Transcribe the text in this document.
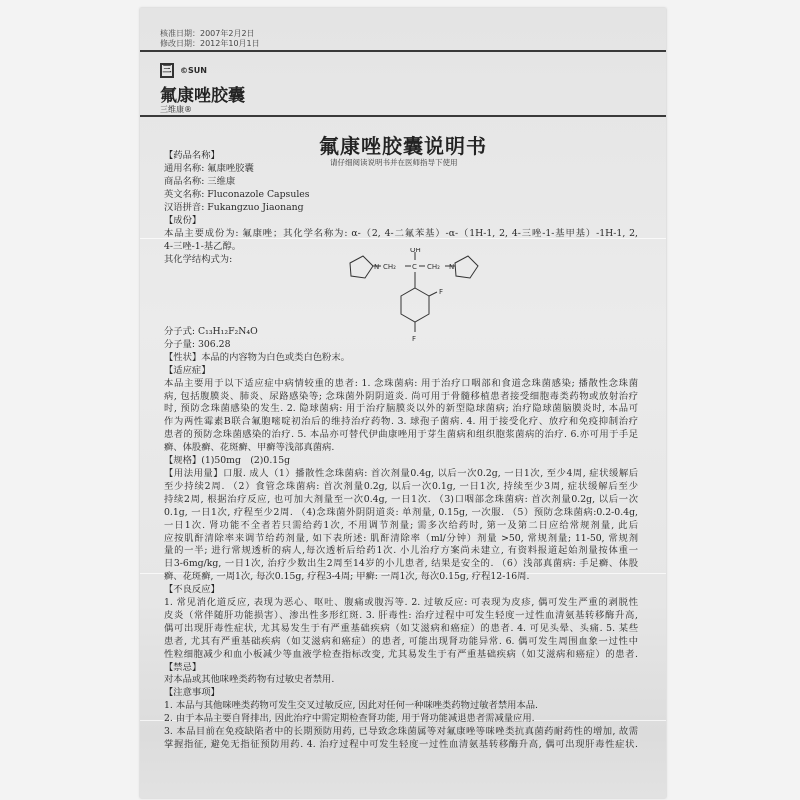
核准日期：2007年2月2日
修改日期：2012年10月1日
三	©SUN
氟康唑胶囊
三维康®
氟康唑胶囊说明书
请仔细阅读说明书并在医师指导下使用
【药品名称】
通用名称: 氟康唑胶囊
商品名称: 三维康
英文名称: Fluconazole Capsules
汉语拼音: Fukangzuo Jiaonang
【成份】
本品主要成份为: 氟康唑；其化学名称为: α-（2, 4-二氟苯基）-α-（1H-1, 2, 4-三唑-1-基甲基）-1H-1, 2,
4-三唑-1-基乙醇。
其化学结构式为:
OH
C
CH₂	CH₂
F
F
N	N
分子式: C₁₃H₁₂F₂N₄O
分子量: 306.28
【性状】本品的内容物为白色或类白色粉末。
【适应症】
本品主要用于以下适应症中病情较重的患者: 1. 念珠菌病: 用于治疗口咽部和食道念珠菌感染; 播散性念珠菌
病, 包括腹膜炎、肺炎、尿路感染等; 念珠菌外阴阴道炎. 尚可用于骨髓移植患者接受细胞毒类药物或放射治疗
时, 预防念珠菌感染的发生. 2. 隐球菌病: 用于治疗脑膜炎以外的新型隐球菌病; 治疗隐球菌脑膜炎时, 本品可
作为两性霉素B联合氟胞嘧啶初治后的维持治疗药物. 3. 球孢子菌病. 4. 用于接受化疗、放疗和免疫抑制治疗
患者的预防念珠菌感染的治疗. 5. 本品亦可替代伊曲康唑用于芽生菌病和组织胞浆菌病的治疗. 6.亦可用于手足
癣、体股癣、花斑癣、甲癣等浅部真菌病.
【规格】(1)50mg　(2)0.15g
【用法用量】口服. 成人（1）播散性念珠菌病: 首次剂量0.4g, 以后一次0.2g, 一日1次, 至少4周, 症状缓解后
至少持续2周. （2）食管念珠菌病: 首次剂量0.2g, 以后一次0.1g, 一日1次, 持续至少3周, 症状缓解后至少
持续2周, 根据治疗反应, 也可加大剂量至一次0.4g, 一日1次. （3)口咽部念珠菌病: 首次剂量0.2g, 以后一次
0.1g, 一日1次, 疗程至少2周. （4)念珠菌外阴阴道炎: 单剂量, 0.15g, 一次服. （5）预防念珠菌病:0.2-0.4g,
一日1次. 肾功能不全者若只需给药1次, 不用调节剂量; 需多次给药时, 第一及第二日应给常规剂量, 此后
应按肌酐清除率来调节给药剂量, 如下表所述: 肌酐清除率（ml/分钟）剂量 >50, 常规剂量; 11-50, 常规剂
量的一半; 进行常规透析的病人,每次透析后给药1次. 小儿治疗方案尚未建立, 有资料报道起始剂量按体重一
日3-6mg/kg, 一日1次, 治疗少数出生2周至14岁的小儿患者, 结果是安全的. （6）浅部真菌病: 手足癣、体股
癣、花斑癣, 一周1次, 每次0.15g, 疗程3-4周; 甲癣: 一周1次, 每次0.15g, 疗程12-16周.
【不良反应】
1. 常见消化道反应, 表现为恶心、呕吐、腹痛或腹泻等. 2. 过敏反应: 可表现为皮疹, 偶可发生严重的剥脱性
皮炎（常伴随肝功能损害）、渗出性多形红斑. 3. 肝毒性: 治疗过程中可发生轻度一过性血清氨基转移酶升高,
偶可出现肝毒性症状, 尤其易发生于有严重基础疾病（如艾滋病和癌症）的患者. 4. 可见头晕、头痛. 5. 某些
患者, 尤其有严重基础疾病（如艾滋病和癌症）的患者, 可能出现肾功能异常. 6. 偶可发生周围血象一过性中
性粒细胞减少和血小板减少等血液学检查指标改变, 尤其易发生于有严重基础疾病（如艾滋病和癌症）的患者.
【禁忌】
对本品或其他咪唑类药物有过敏史者禁用.
【注意事项】
1. 本品与其他咪唑类药物可发生交叉过敏反应, 因此对任何一种咪唑类药物过敏者禁用本品.
2. 由于本品主要自肾排出, 因此治疗中需定期检查肾功能, 用于肾功能减退患者需减量应用.
3. 本品目前在免疫缺陷者中的长期预防用药, 已导致念珠菌属等对氟康唑等咪唑类抗真菌药耐药性的增加, 故需
掌握指征, 避免无指征预防用药. 4. 治疗过程中可发生轻度一过性血清氨基转移酶升高, 偶可出现肝毒性症状.
